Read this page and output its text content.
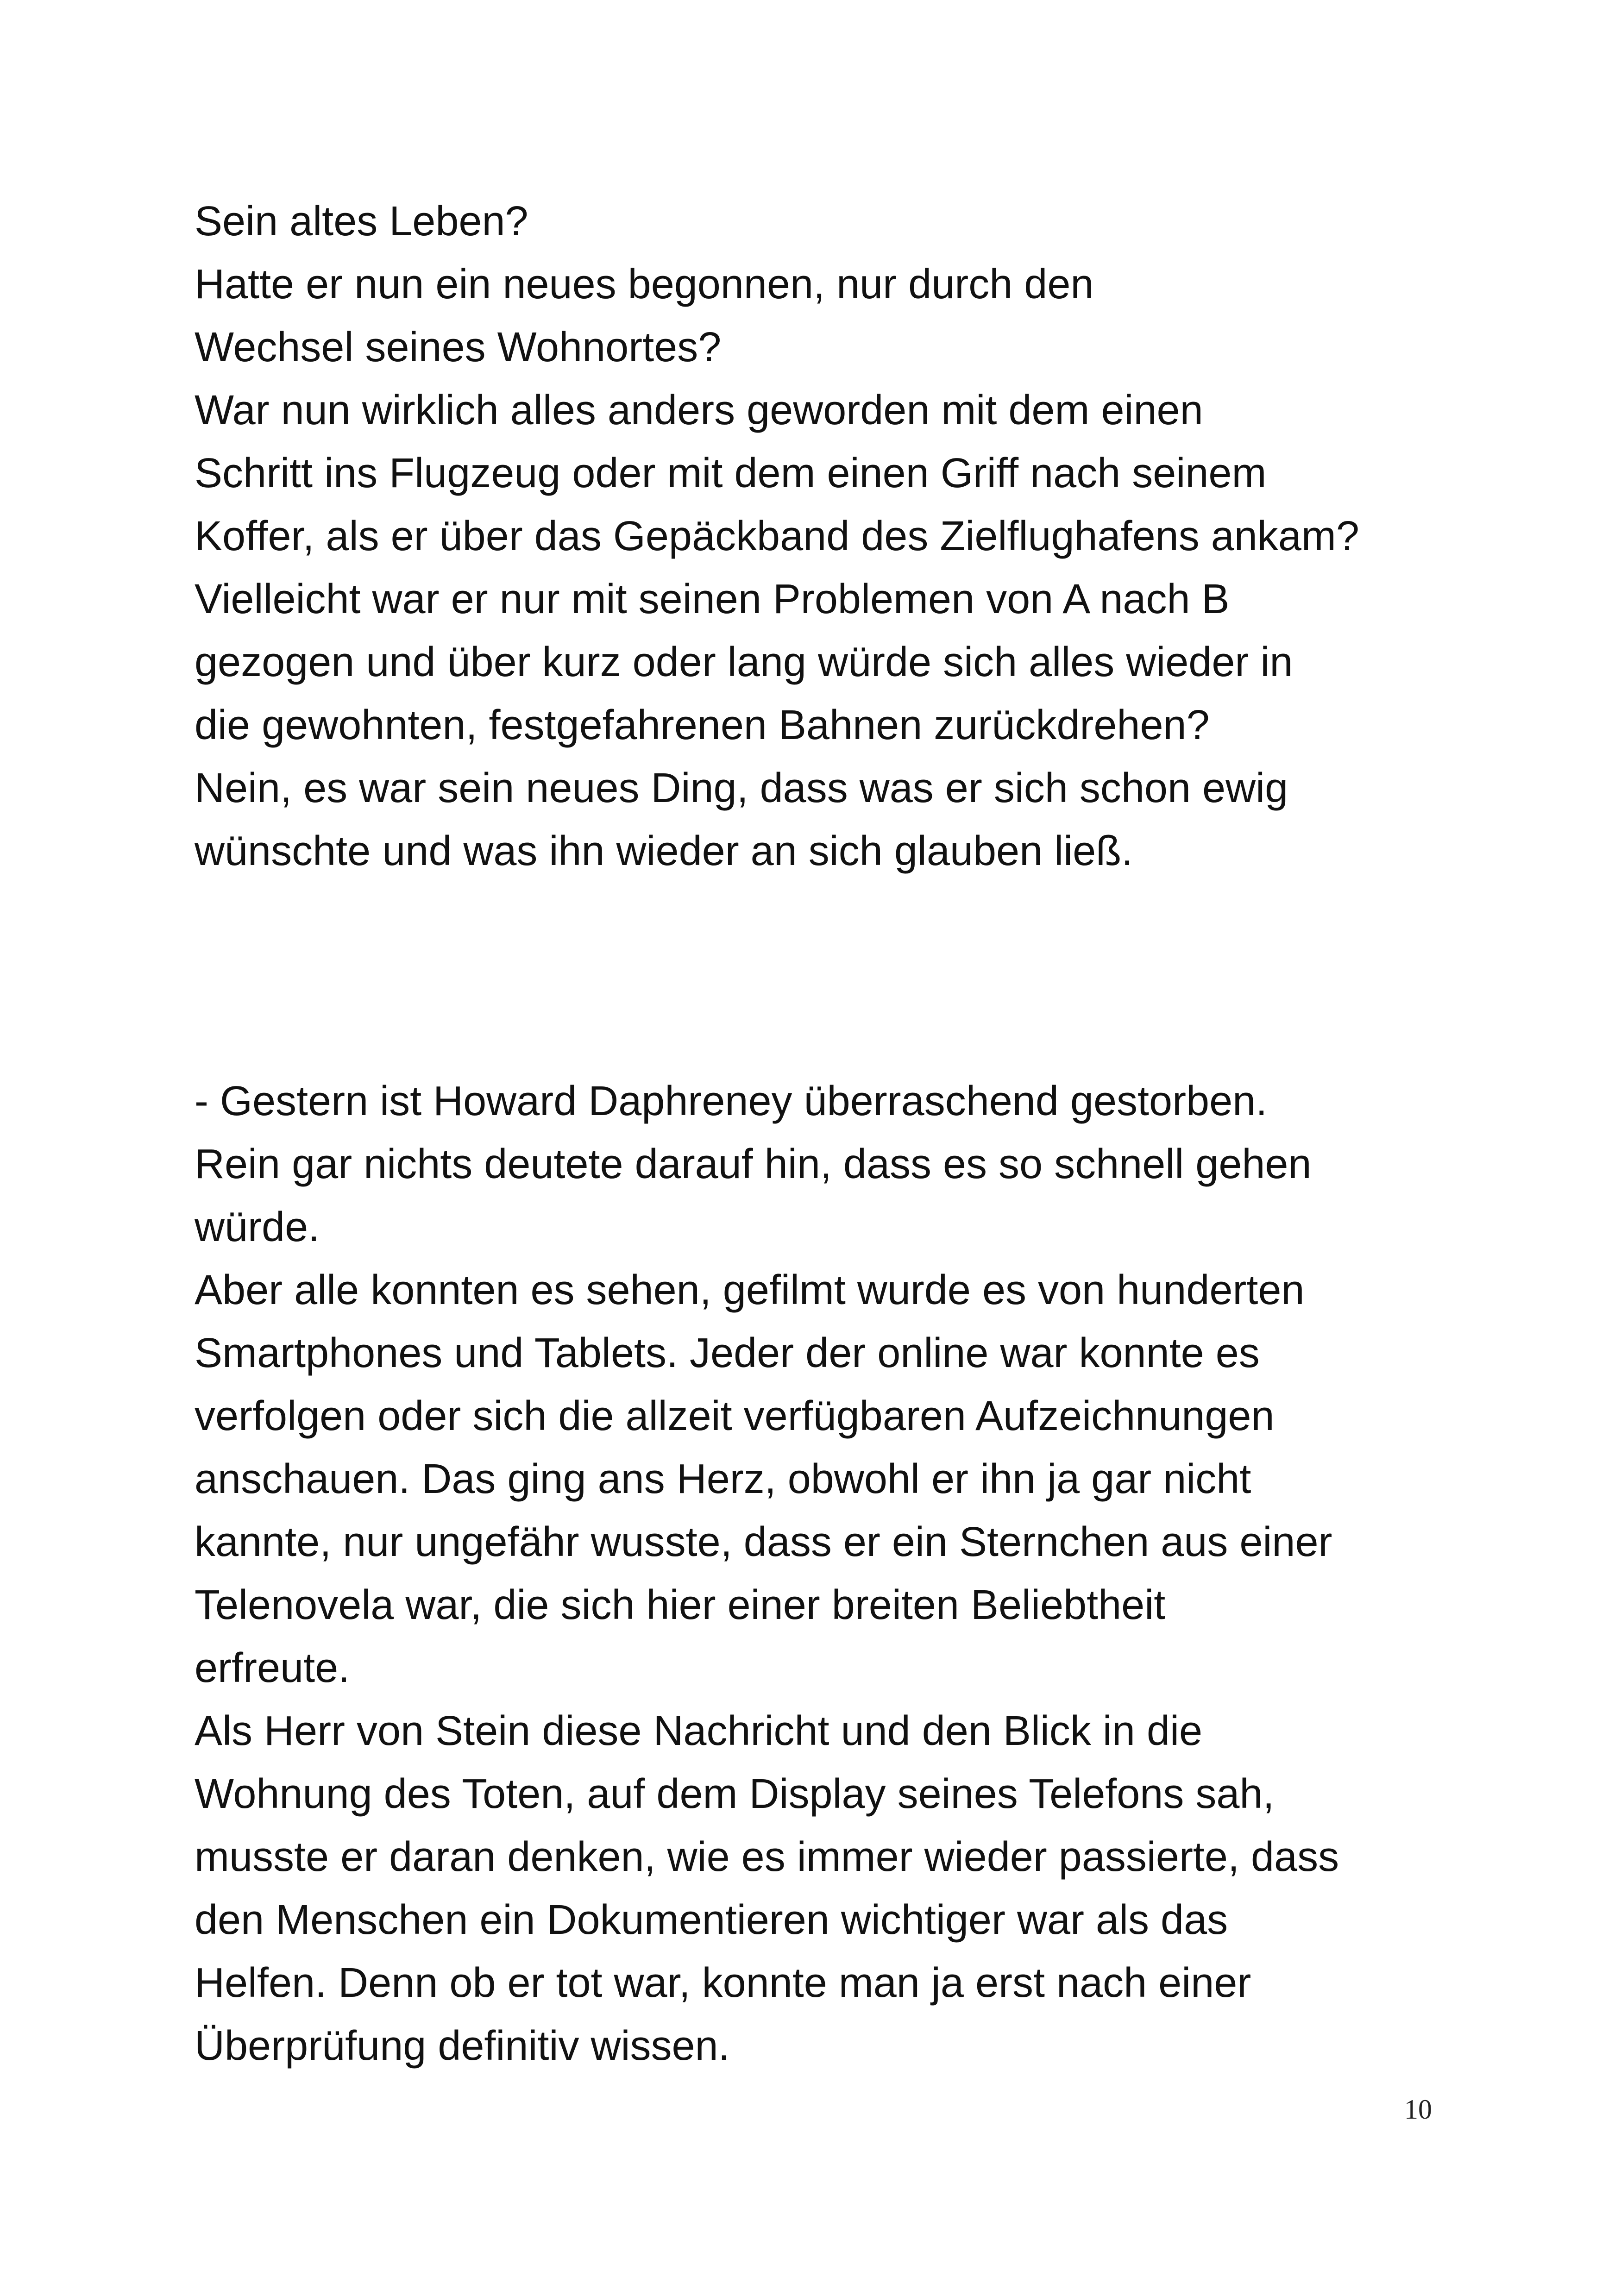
Sein altes Leben?
Hatte er nun ein neues begonnen, nur durch den
Wechsel seines Wohnortes?
War nun wirklich alles anders geworden mit dem einen
Schritt ins Flugzeug oder mit dem einen Griff nach seinem
Koffer, als er über das Gepäckband des Zielflughafens ankam?
Vielleicht war er nur mit seinen Problemen von A nach B
gezogen und über kurz oder lang würde sich alles wieder in
die gewohnten, festgefahrenen Bahnen zurückdrehen?
Nein, es war sein neues Ding, dass was er sich schon ewig
wünschte und was ihn wieder an sich glauben ließ.
- Gestern ist Howard Daphreney überraschend gestorben.
Rein gar nichts deutete darauf hin, dass es so schnell gehen
würde.
Aber alle konnten es sehen, gefilmt wurde es von hunderten
Smartphones und Tablets. Jeder der online war konnte es
verfolgen oder sich die allzeit verfügbaren Aufzeichnungen
anschauen. Das ging ans Herz, obwohl er ihn ja gar nicht
kannte, nur ungefähr wusste, dass er ein Sternchen aus einer
Telenovela war, die sich hier einer breiten Beliebtheit
erfreute.
Als Herr von Stein diese Nachricht und den Blick in die
Wohnung des Toten, auf dem Display seines Telefons sah,
musste er daran denken, wie es immer wieder passierte, dass
den Menschen ein Dokumentieren wichtiger war als das
Helfen. Denn ob er tot war, konnte man ja erst nach einer
Überprüfung definitiv wissen.
10
